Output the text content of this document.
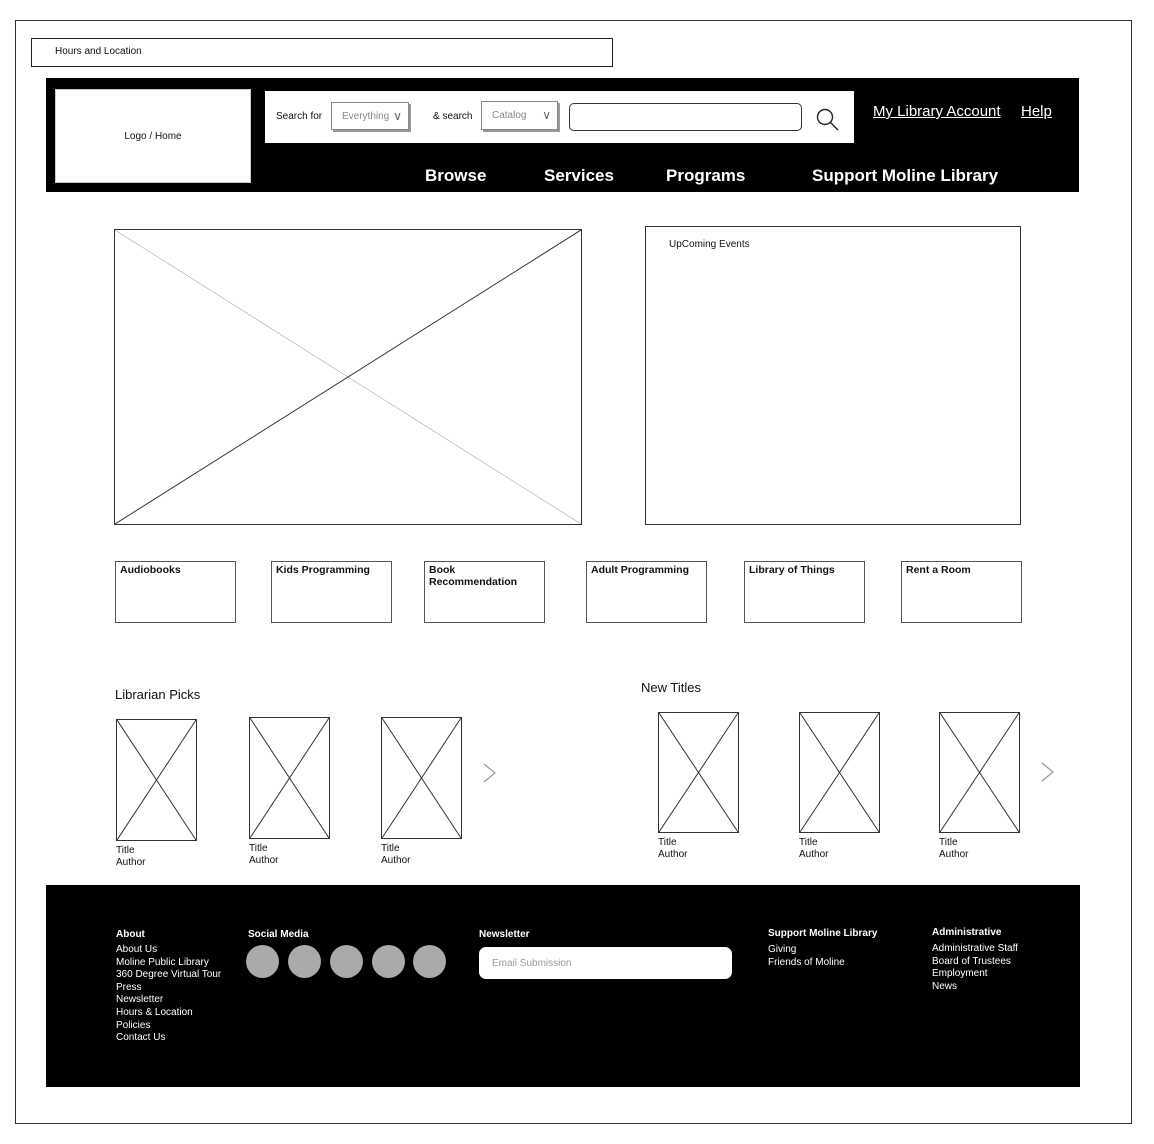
Hours and Location
Logo / Home
Search for	Everything ∨	& search	Catalog ∨	My Library Account Help
Browse	Services	Programs	Support Moline Library
UpComing Events
Audiobooks	Kids Programming	Book Recommendation
Adult Programming	Library of Things	Rent a Room
Librarian Picks
Title
Author
Title
Author
Title
Author
New Titles
Title
Author
Title
Author
Title
Author
About
About Us
Moline Public Library
360 Degree Virtual Tour
Press
Newsletter
Hours & Location
Policies
Contact Us
Social Media	Newsletter
Email Submission
Support Moline Library
Giving
Friends of Moline
Administrative
Administrative Staff
Board of Trustees
Employment
News
